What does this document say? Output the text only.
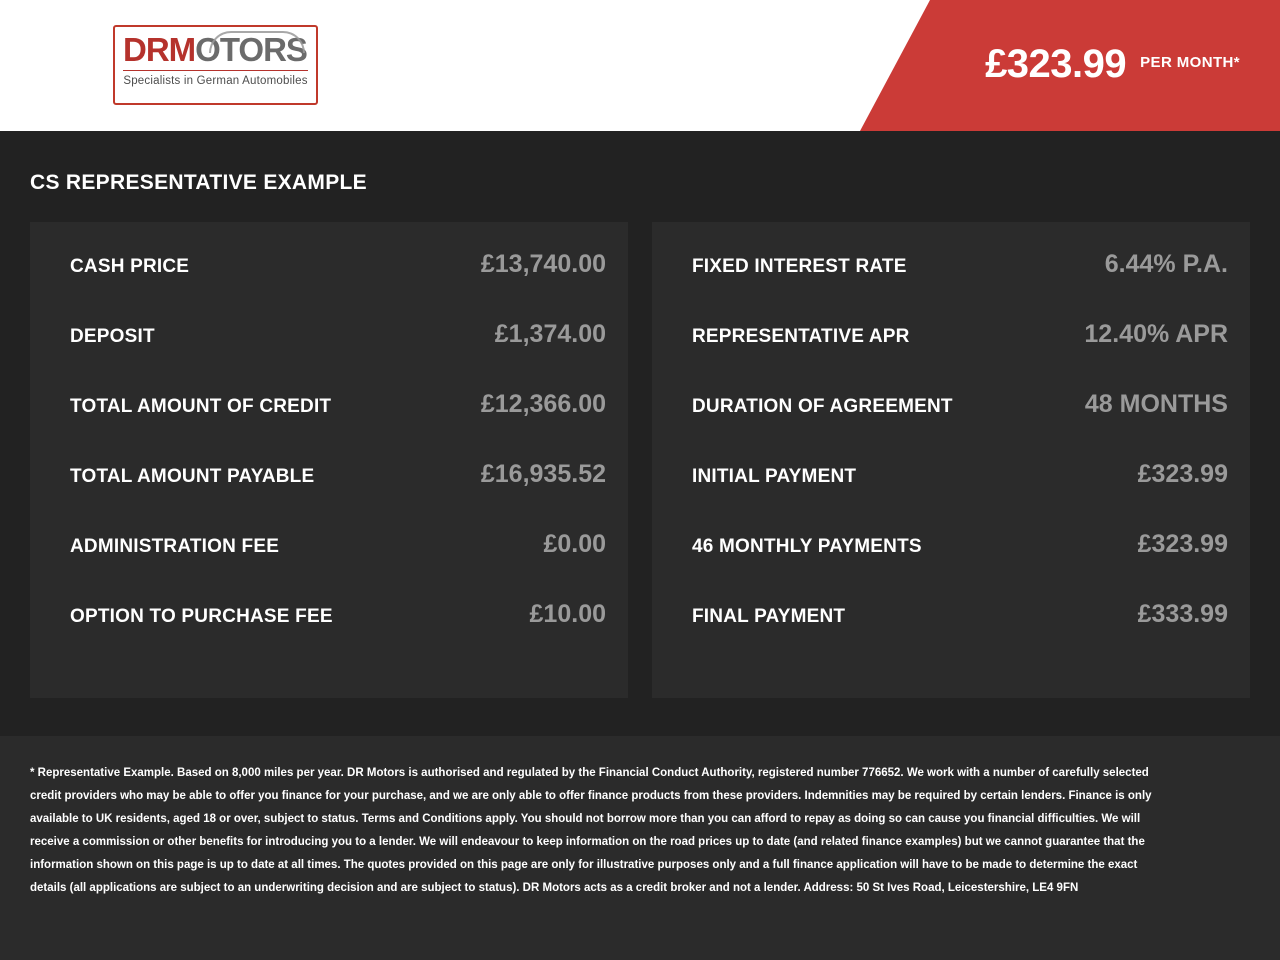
DRMOTORS
Specialists in German Automobiles	£323.99 PER MONTH*
CS REPRESENTATIVE EXAMPLE
CASH PRICE	£13,740.00
DEPOSIT	£1,374.00
TOTAL AMOUNT OF CREDIT	£12,366.00
TOTAL AMOUNT PAYABLE	£16,935.52
ADMINISTRATION FEE	£0.00
OPTION TO PURCHASE FEE	£10.00
FIXED INTEREST RATE	6.44% P.A.
REPRESENTATIVE APR	12.40% APR
DURATION OF AGREEMENT	48 MONTHS
INITIAL PAYMENT	£323.99
46 MONTHLY PAYMENTS	£323.99
FINAL PAYMENT	£333.99
* Representative Example. Based on 8,000 miles per year. DR Motors is authorised and regulated by the Financial Conduct Authority, registered number 776652. We work with a number of carefully selected credit providers who may be able to offer you finance for your purchase, and we are only able to offer finance products from these providers. Indemnities may be required by certain lenders. Finance is only available to UK residents, aged 18 or over, subject to status. Terms and Conditions apply. You should not borrow more than you can afford to repay as doing so can cause you financial difficulties. We will receive a commission or other benefits for introducing you to a lender. We will endeavour to keep information on the road prices up to date (and related finance examples) but we cannot guarantee that the information shown on this page is up to date at all times. The quotes provided on this page are only for illustrative purposes only and a full finance application will have to be made to determine the exact details (all applications are subject to an underwriting decision and are subject to status). DR Motors acts as a credit broker and not a lender. Address: 50 St Ives Road, Leicestershire, LE4 9FN
